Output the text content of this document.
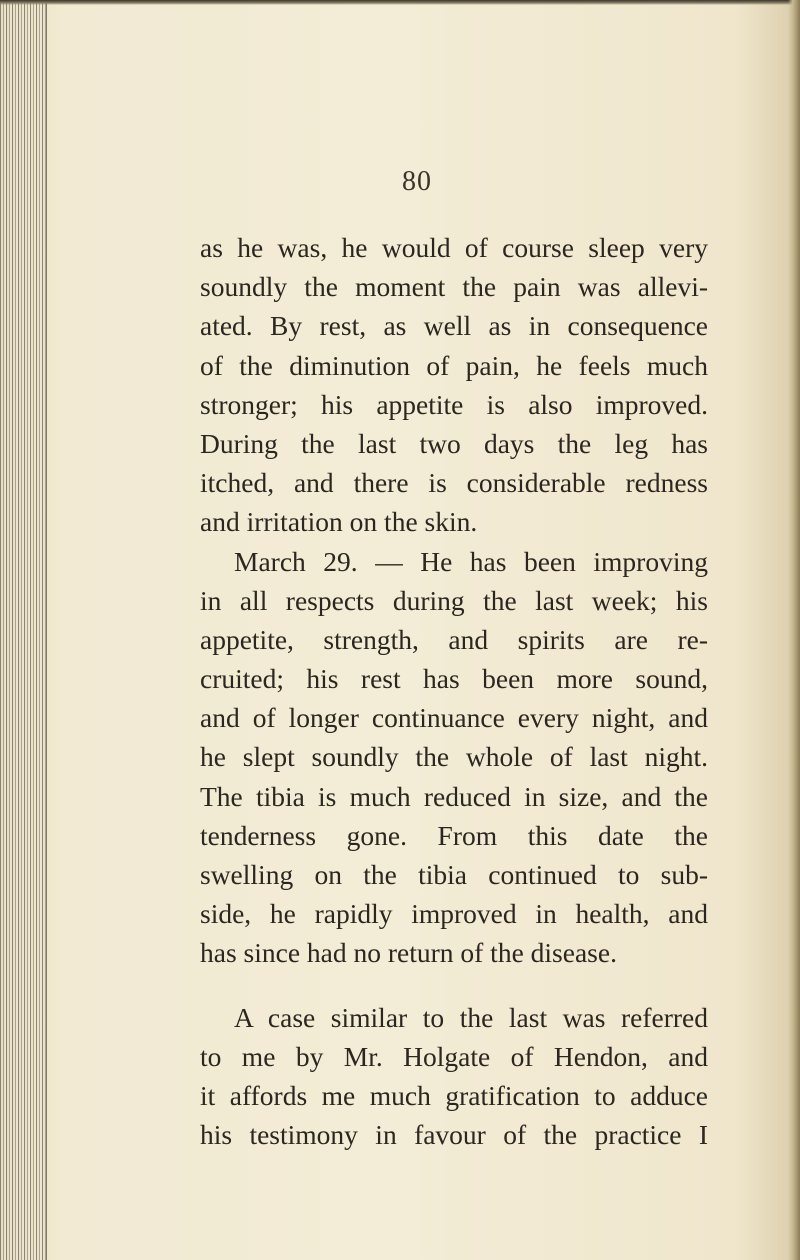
80
as he was, he would of course sleep very
soundly the moment the pain was allevi-
ated. By rest, as well as in consequence
of the diminution of pain, he feels much
stronger; his appetite is also improved.
During the last two days the leg has
itched, and there is considerable redness
and irritation on the skin.
March 29. — He has been improving
in all respects during the last week; his
appetite, strength, and spirits are re-
cruited; his rest has been more sound,
and of longer continuance every night, and
he slept soundly the whole of last night.
The tibia is much reduced in size, and the
tenderness gone. From this date the
swelling on the tibia continued to sub-
side, he rapidly improved in health, and
has since had no return of the disease.
A case similar to the last was referred
to me by Mr. Holgate of Hendon, and
it affords me much gratification to adduce
his testimony in favour of the practice I
